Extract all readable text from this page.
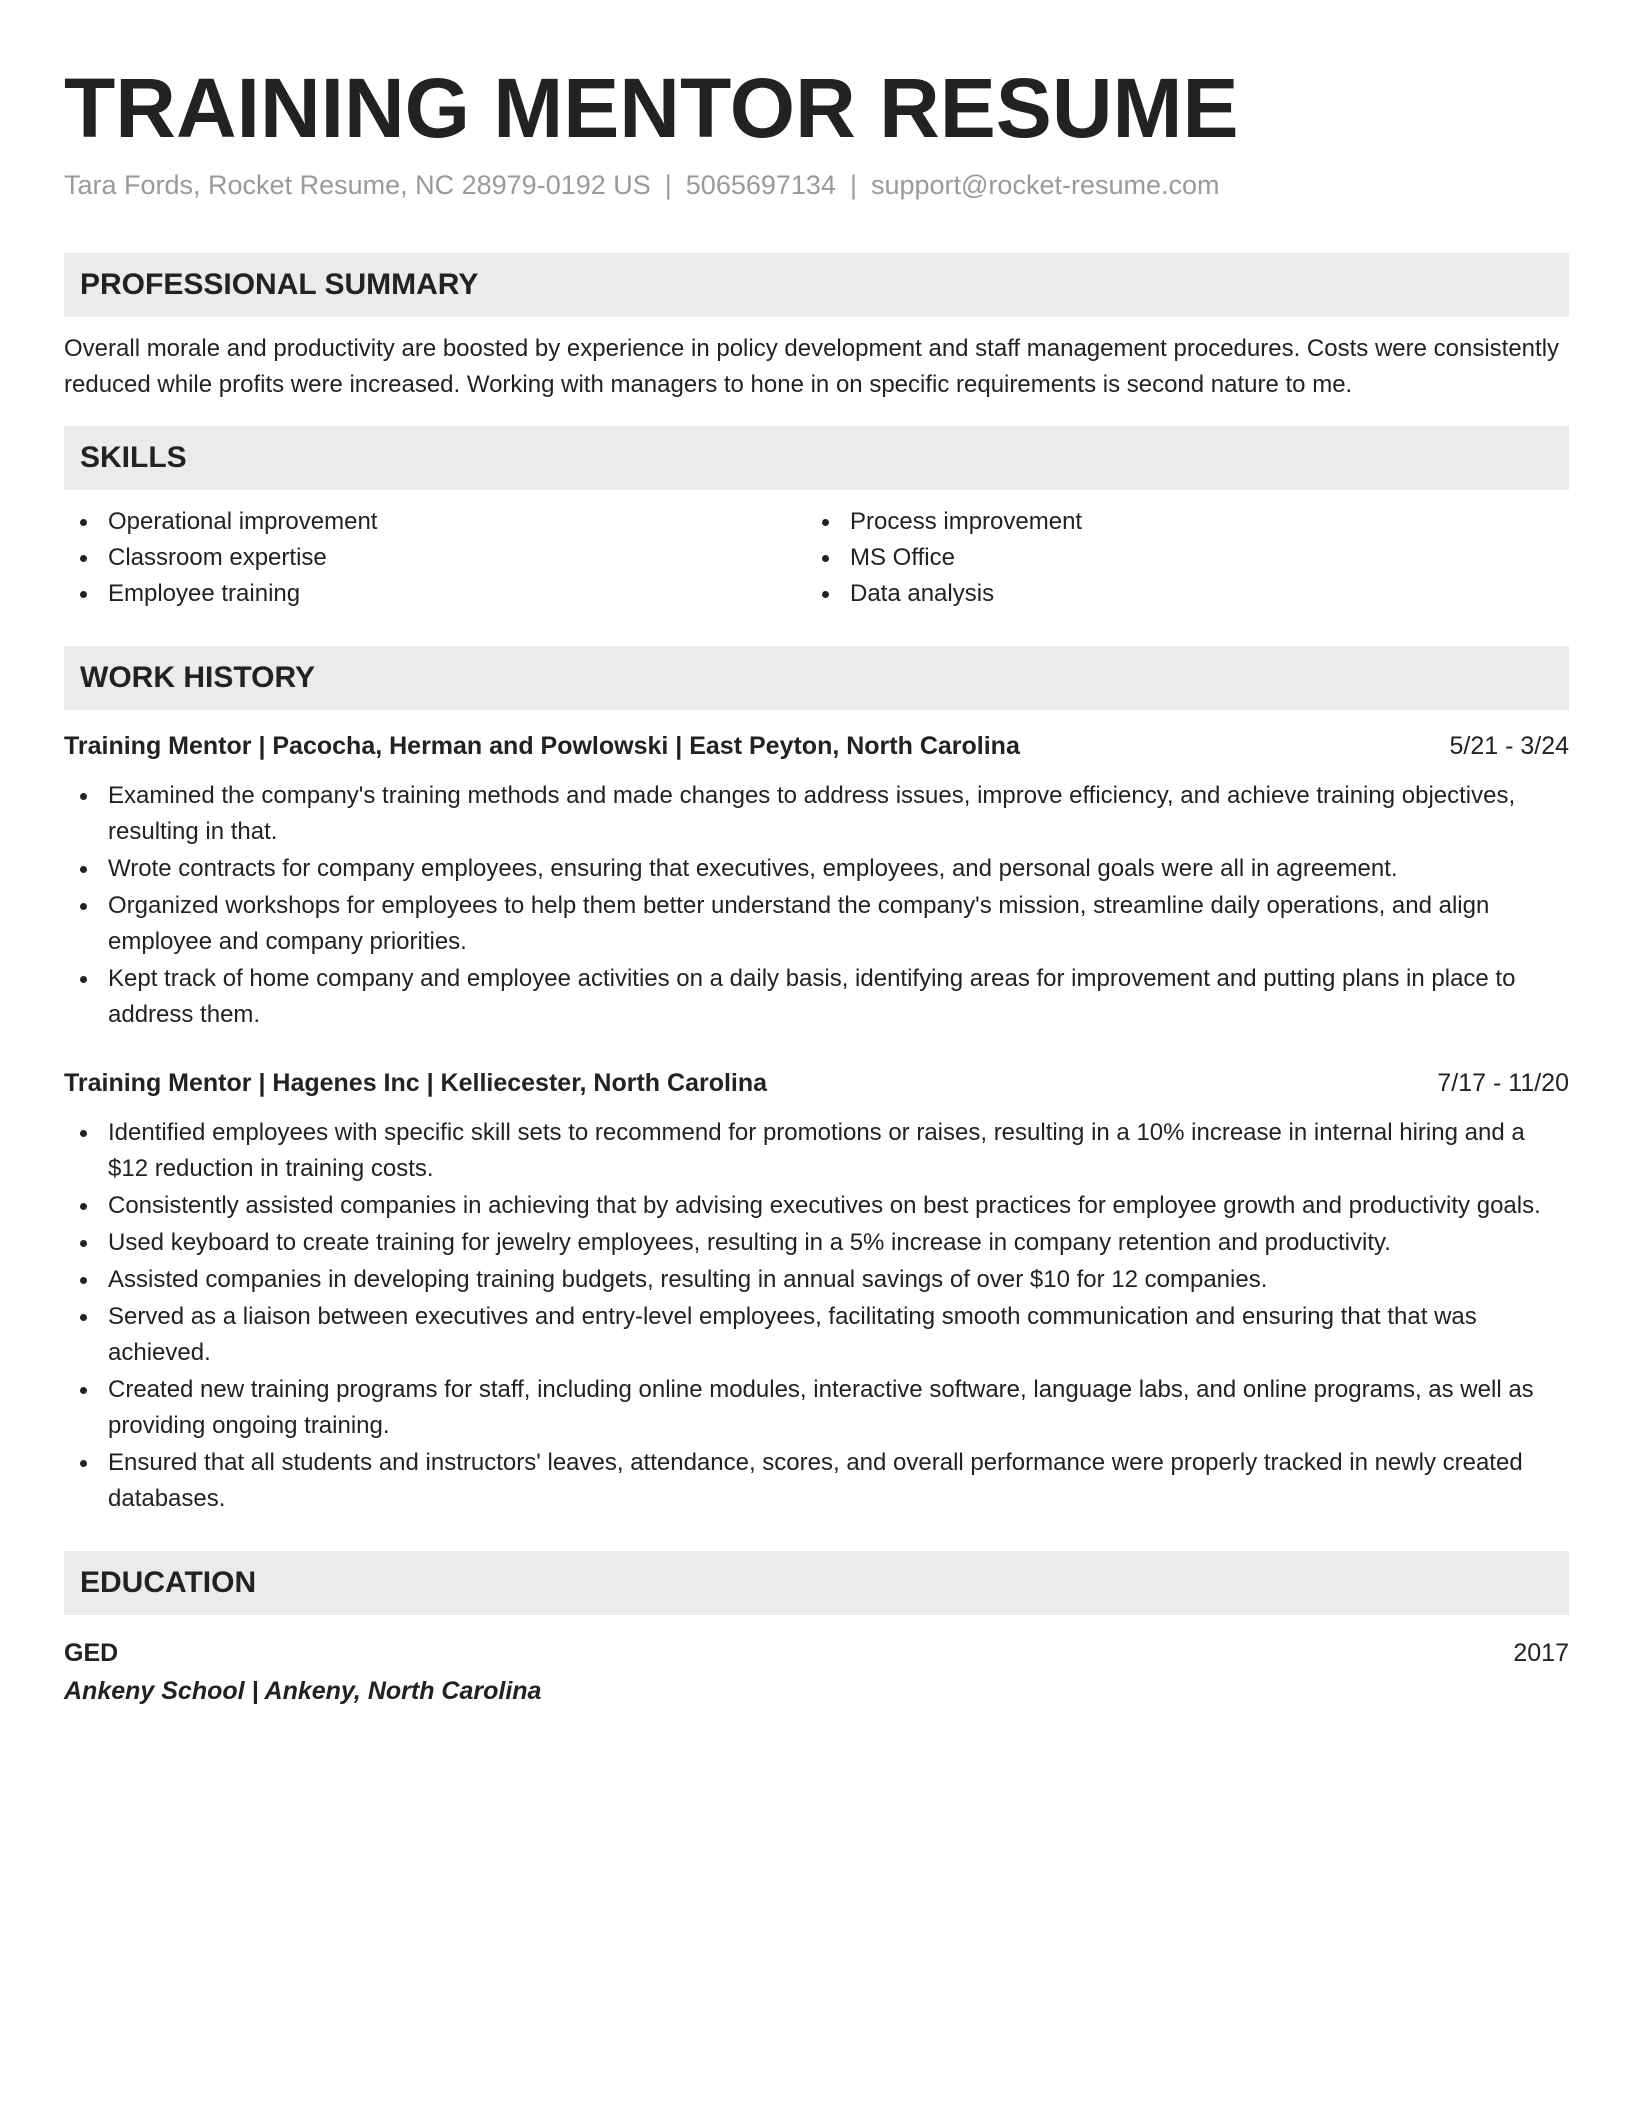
TRAINING MENTOR RESUME
Tara Fords, Rocket Resume, NC 28979-0192 US | 5065697134 | support@rocket-resume.com
PROFESSIONAL SUMMARY
Overall morale and productivity are boosted by experience in policy development and staff management procedures. Costs were consistently reduced while profits were increased. Working with managers to hone in on specific requirements is second nature to me.
SKILLS
Operational improvement
Classroom expertise
Employee training
Process improvement
MS Office
Data analysis
WORK HISTORY
Training Mentor | Pacocha, Herman and Powlowski | East Peyton, North Carolina	5/21 - 3/24
Examined the company's training methods and made changes to address issues, improve efficiency, and achieve training objectives, resulting in that.
Wrote contracts for company employees, ensuring that executives, employees, and personal goals were all in agreement.
Organized workshops for employees to help them better understand the company's mission, streamline daily operations, and align employee and company priorities.
Kept track of home company and employee activities on a daily basis, identifying areas for improvement and putting plans in place to address them.
Training Mentor | Hagenes Inc | Kelliecester, North Carolina	7/17 - 11/20
Identified employees with specific skill sets to recommend for promotions or raises, resulting in a 10% increase in internal hiring and a $12 reduction in training costs.
Consistently assisted companies in achieving that by advising executives on best practices for employee growth and productivity goals.
Used keyboard to create training for jewelry employees, resulting in a 5% increase in company retention and productivity.
Assisted companies in developing training budgets, resulting in annual savings of over $10 for 12 companies.
Served as a liaison between executives and entry-level employees, facilitating smooth communication and ensuring that that was achieved.
Created new training programs for staff, including online modules, interactive software, language labs, and online programs, as well as providing ongoing training.
Ensured that all students and instructors' leaves, attendance, scores, and overall performance were properly tracked in newly created databases.
EDUCATION
GED	2017
Ankeny School | Ankeny, North Carolina
